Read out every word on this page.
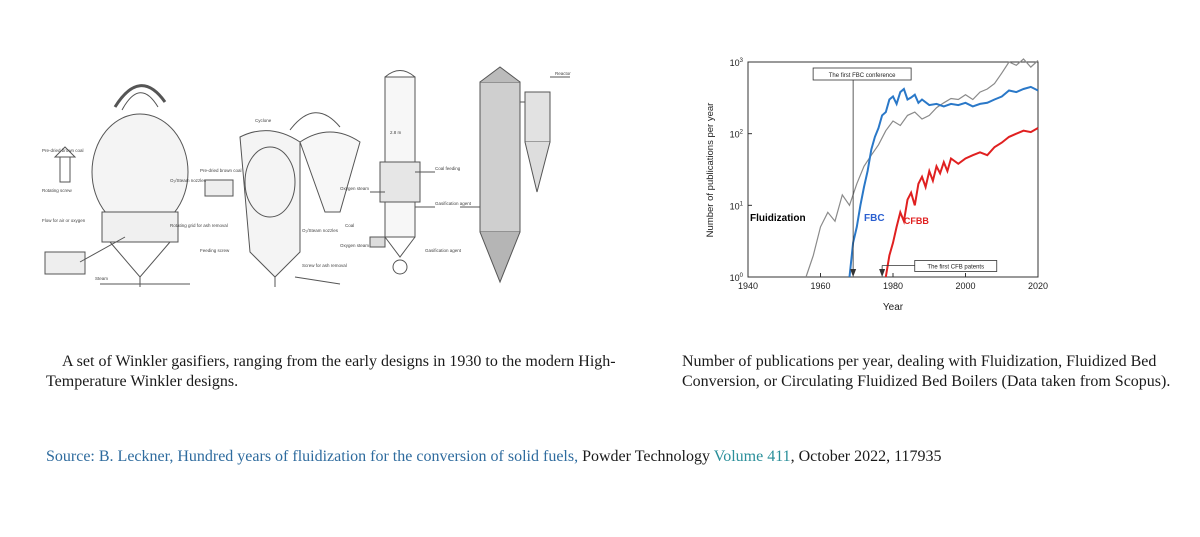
Pre-dried brown coal
Rotating screw
Flow for air or oxygen
Steam
O₂/Steam nozzles
Rotating grid for ash removal
Cyclone
Pre-dried brown coal
Feeding screw
O₂/Steam nozzles
Screw for ash removal
2.8 m
Coal feeding
Oxygen steam
Gasification agent
Coal
Oxygen steam
Gasification agent
Reactor
1940	1960	1980	2000	2020
$10^0$
$10^1$
$10^2$
$10^3$
Fluidization	FBC CFBB
The first FBC conference
The first CFB patents
Number of publications per year
Year
A set of Winkler gasifiers, ranging from the early designs in 1930 to the modern High-Temperature Winkler designs.
Number of publications per year, dealing with Fluidization, Fluidized Bed Conversion, or Circulating Fluidized Bed Boilers (Data taken from Scopus).
Source: B. Leckner, Hundred years of fluidization for the conversion of solid fuels, Powder Technology Volume 411, October 2022, 117935
